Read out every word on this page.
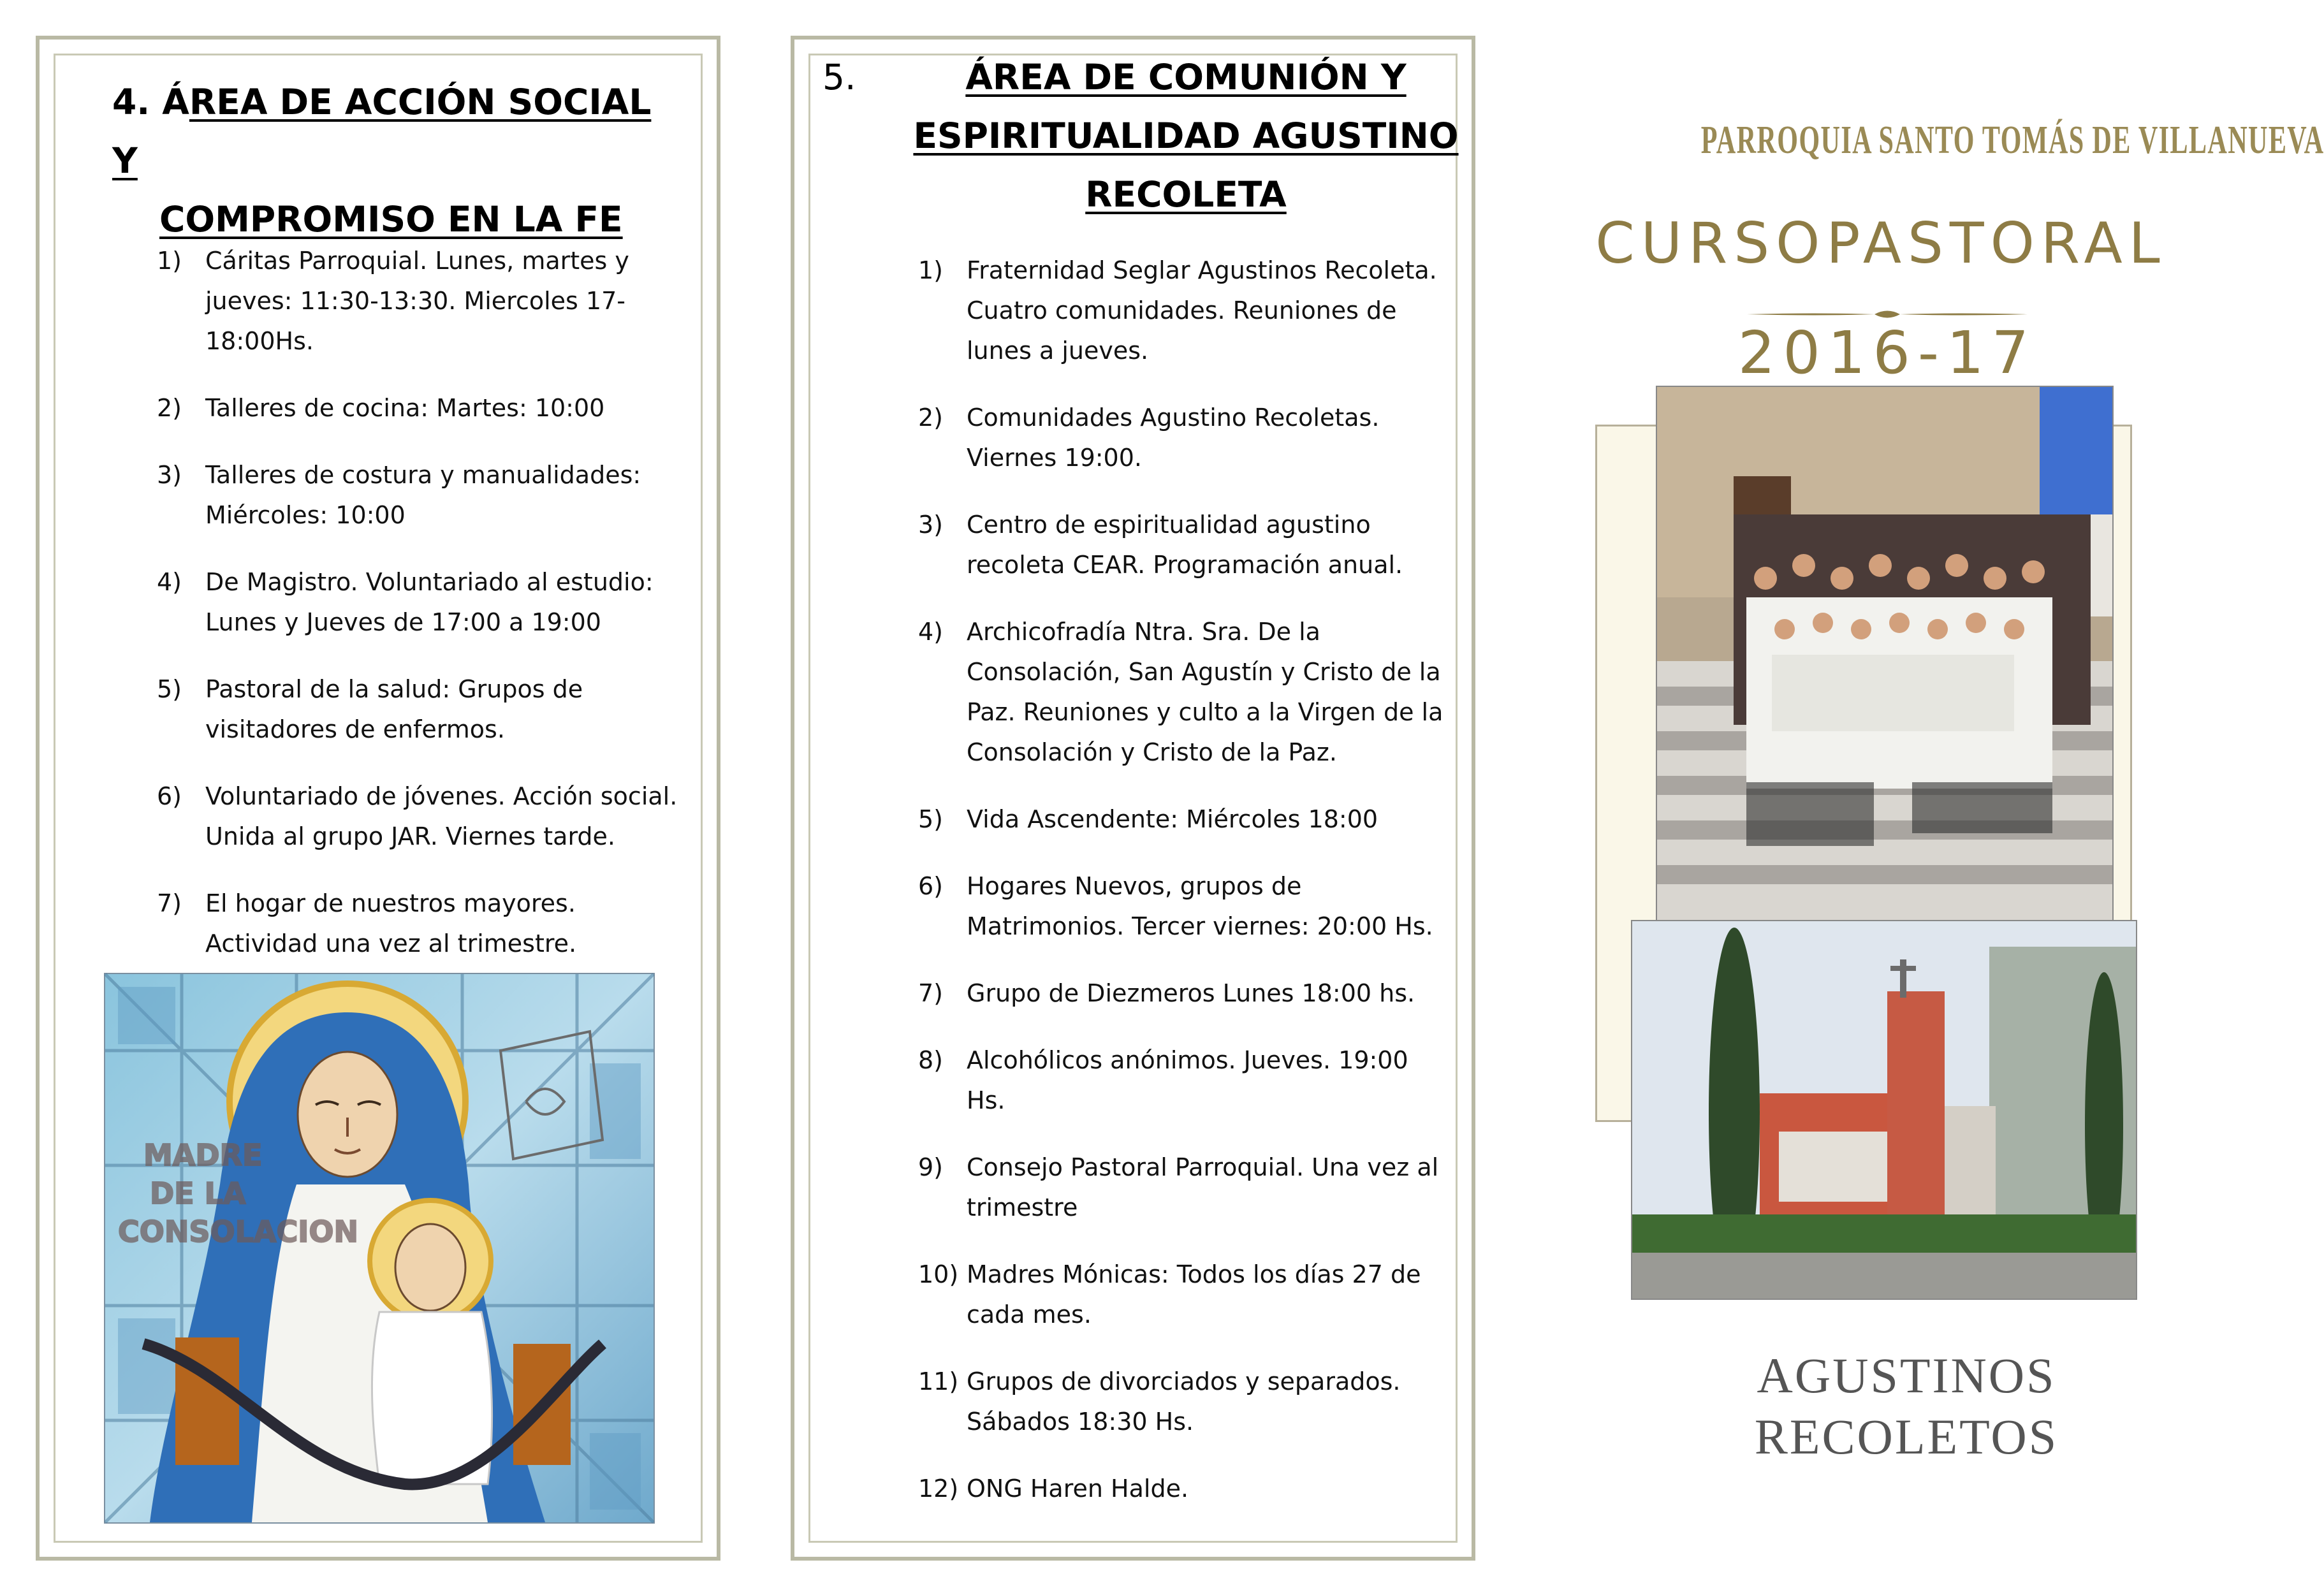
4. ÁREA DE ACCIÓN SOCIAL Y
COMPROMISO EN LA FE
1) Cáritas Parroquial. Lunes, martes y jueves: 11:30-13:30. Miercoles 17-18:00Hs.
2) Talleres de cocina: Martes: 10:00
3) Talleres de costura y manualidades: Miércoles: 10:00
4) De Magistro. Voluntariado al estudio: Lunes y Jueves de 17:00 a 19:00
5) Pastoral de la salud: Grupos de visitadores de enfermos.
6) Voluntariado de jóvenes. Acción social. Unida al grupo JAR. Viernes tarde.
7) El hogar de nuestros mayores. Actividad una vez al trimestre.
MADRE
DE LA
CONSOLACION
5.	ÁREA DE COMUNIÓN Y
ESPIRITUALIDAD AGUSTINO
RECOLETA
1) Fraternidad Seglar Agustinos Recoleta. Cuatro comunidades. Reuniones de lunes a jueves.
2) Comunidades Agustino Recoletas. Viernes 19:00.
3) Centro de espiritualidad agustino recoleta CEAR. Programación anual.
4) Archicofradía Ntra. Sra. De la Consolación, San Agustín y Cristo de la Paz. Reuniones y culto a la Virgen de la Consolación y Cristo de la Paz.
5) Vida Ascendente: Miércoles 18:00
6) Hogares Nuevos, grupos de Matrimonios. Tercer viernes: 20:00 Hs.
7) Grupo de Diezmeros Lunes 18:00 hs.
8) Alcohólicos anónimos. Jueves. 19:00 Hs.
9) Consejo Pastoral Parroquial. Una vez al trimestre
10) Madres Mónicas: Todos los días 27 de cada mes.
11) Grupos de divorciados y separados. Sábados 18:30 Hs.
12) ONG Haren Halde.
PARROQUIA SANTO TOMÁS DE VILLANUEVA
CURSOPASTORAL
2016-17
AGUSTINOS
RECOLETOS
